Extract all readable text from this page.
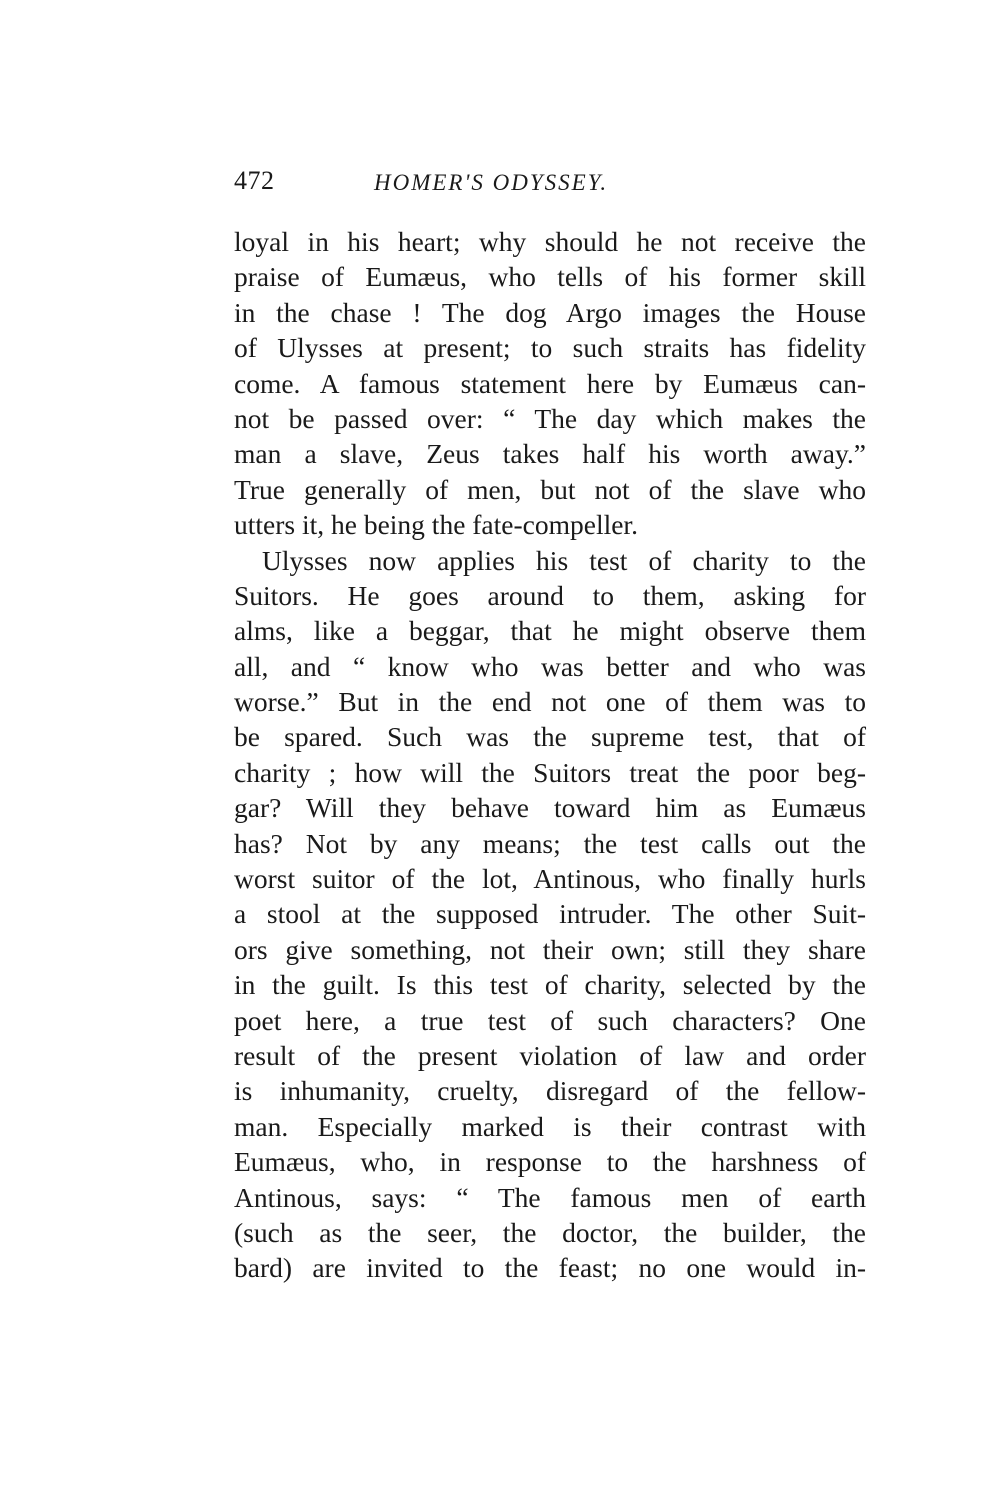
472	HOMER'S ODYSSEY.
loyal in his heart; why should he not receive the
praise of Eumæus, who tells of his former skill
in the chase ! The dog Argo images the House
of Ulysses at present; to such straits has fidelity
come. A famous statement here by Eumæus can-
not be passed over: “ The day which makes the
man a slave, Zeus takes half his worth away.”
True generally of men, but not of the slave who
utters it, he being the fate-compeller.
Ulysses now applies his test of charity to the
Suitors. He goes around to them, asking for
alms, like a beggar, that he might observe them
all, and “ know who was better and who was
worse.” But in the end not one of them was to
be spared. Such was the supreme test, that of
charity ; how will the Suitors treat the poor beg-
gar? Will they behave toward him as Eumæus
has? Not by any means; the test calls out the
worst suitor of the lot, Antinous, who finally hurls
a stool at the supposed intruder. The other Suit-
ors give something, not their own; still they share
in the guilt. Is this test of charity, selected by the
poet here, a true test of such characters? One
result of the present violation of law and order
is inhumanity, cruelty, disregard of the fellow-
man. Especially marked is their contrast with
Eumæus, who, in response to the harshness of
Antinous, says: “ The famous men of earth
(such as the seer, the doctor, the builder, the
bard) are invited to the feast; no one would in-
